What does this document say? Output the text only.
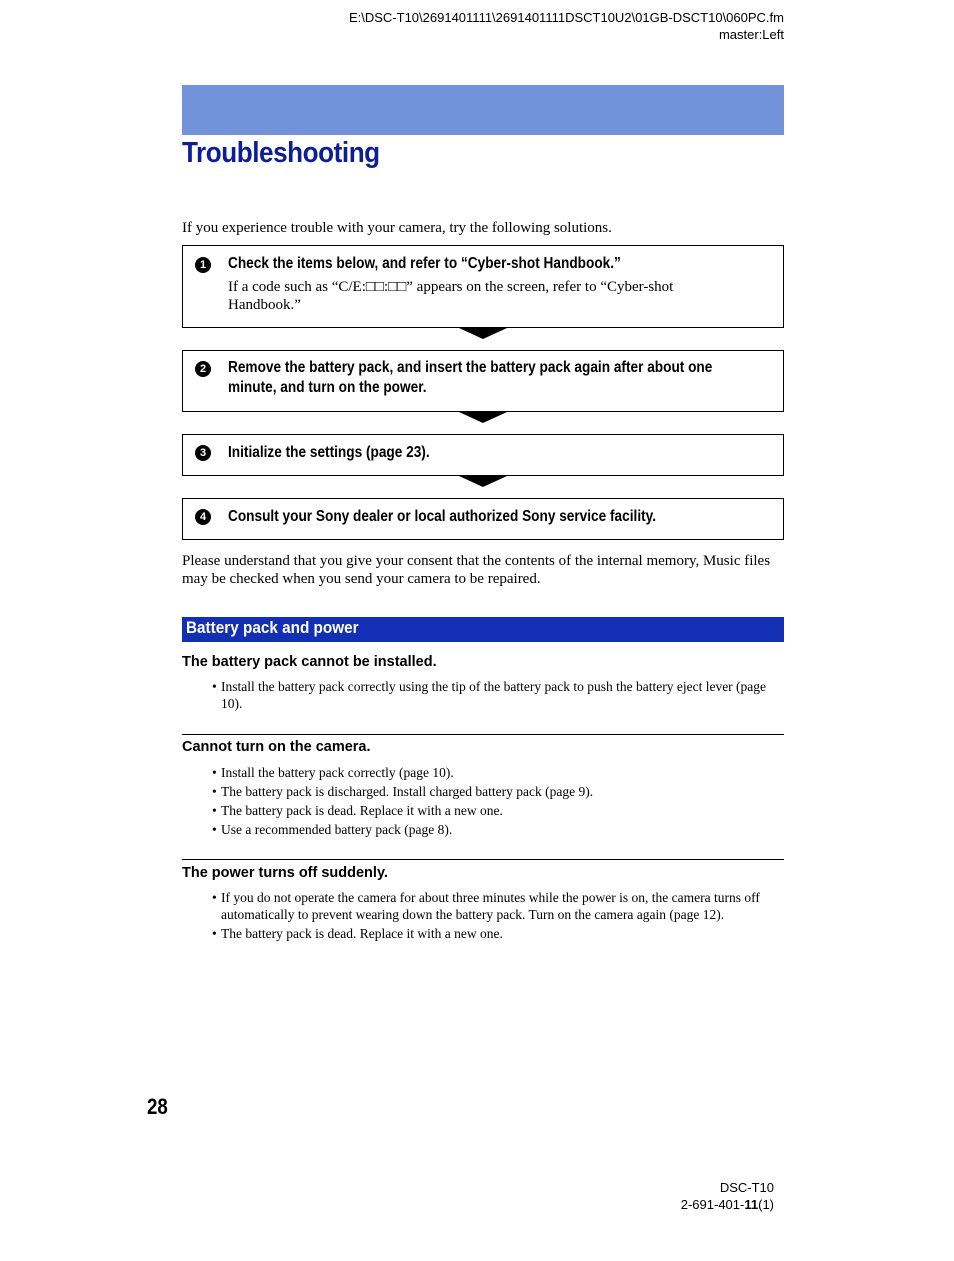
E:\DSC-T10\2691401111\2691401111DSCT10U2\01GB-DSCT10\060PC.fm
master:Left
Troubleshooting
If you experience trouble with your camera, try the following solutions.
1	Check the items below, and refer to “Cyber-shot Handbook.”
If a code such as “C/E:□□:□□” appears on the screen, refer to “Cyber-shot Handbook.”
2	Remove the battery pack, and insert the battery pack again after about one minute, and turn on the power.
3	Initialize the settings (page 23).
4	Consult your Sony dealer or local authorized Sony service facility.
Please understand that you give your consent that the contents of the internal memory, Music files may be checked when you send your camera to be repaired.
Battery pack and power
The battery pack cannot be installed.
• Install the battery pack correctly using the tip of the battery pack to push the battery eject lever (page 10).
Cannot turn on the camera.
• Install the battery pack correctly (page 10).
• The battery pack is discharged. Install charged battery pack (page 9).
• The battery pack is dead. Replace it with a new one.
• Use a recommended battery pack (page 8).
The power turns off suddenly.
• If you do not operate the camera for about three minutes while the power is on, the camera turns off automatically to prevent wearing down the battery pack. Turn on the camera again (page 12).
• The battery pack is dead. Replace it with a new one.
28
DSC-T10
2-691-401-11(1)
